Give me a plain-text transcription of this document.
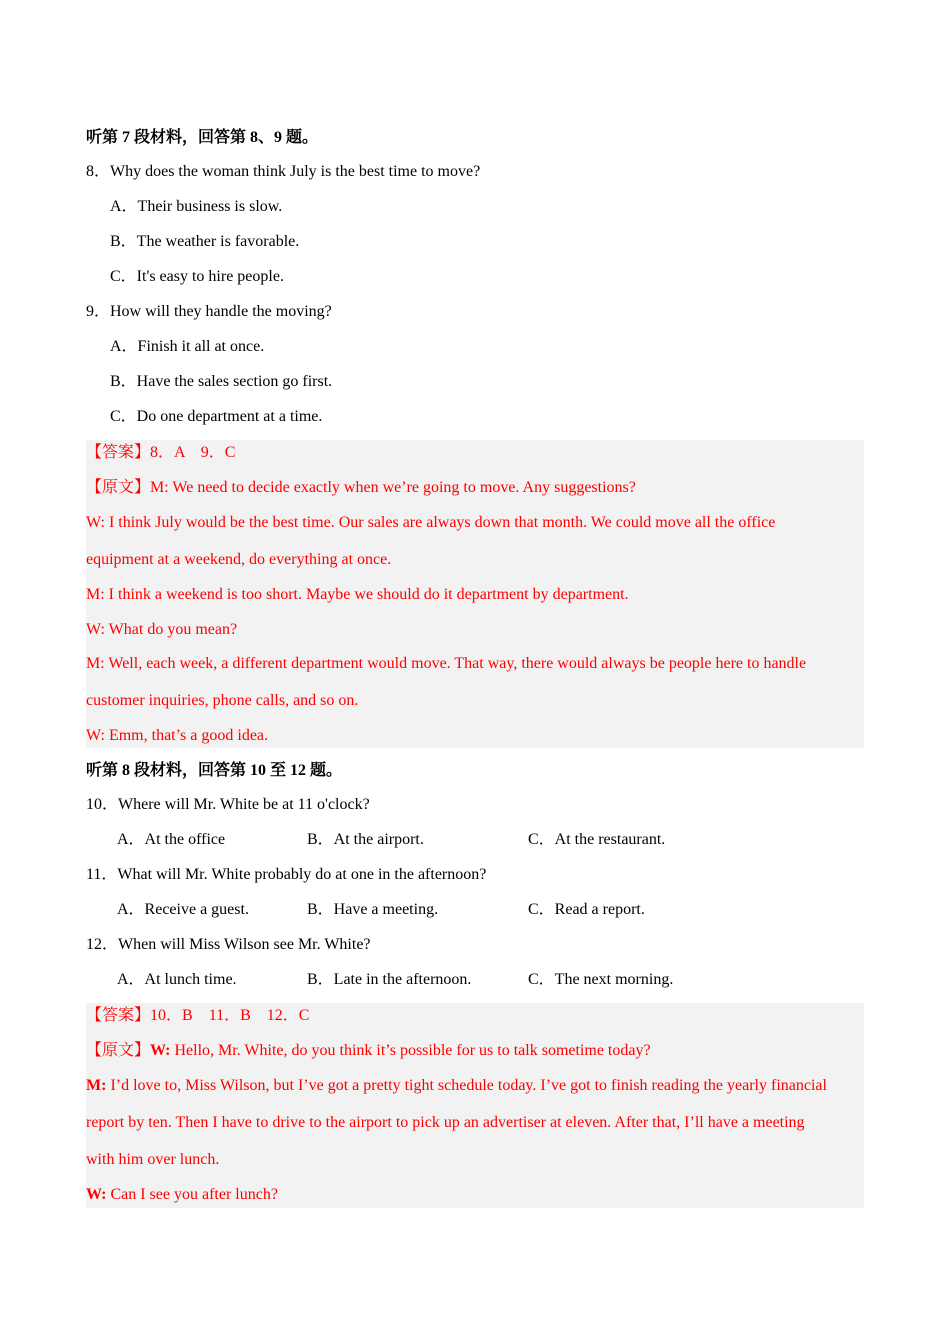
听第 7 段材料，回答第 8、9 题。
8．Why does the woman think July is the best time to move?
A．Their business is slow.
B．The weather is favorable.
C．It's easy to hire people.
9．How will they handle the moving?
A．Finish it all at once.
B．Have the sales section go first.
C．Do one department at a time.
【答案】8．A　9．C
【原文】M: We need to decide exactly when we’re going to move. Any suggestions?
W: I think July would be the best time. Our sales are always down that month. We could move all the office
equipment at a weekend, do everything at once.
M: I think a weekend is too short. Maybe we should do it department by department.
W: What do you mean?
M: Well, each week, a different department would move. That way, there would always be people here to handle
customer inquiries, phone calls, and so on.
W: Emm, that’s a good idea.
听第 8 段材料，回答第 10 至 12 题。
10．Where will Mr. White be at 11 o'clock?
A．At the office	B．At the airport.	C．At the restaurant.
11．What will Mr. White probably do at one in the afternoon?
A．Receive a guest.	B．Have a meeting.	C．Read a report.
12．When will Miss Wilson see Mr. White?
A．At lunch time.	B．Late in the afternoon.	C．The next morning.
【答案】10．B　11．B　12．C
【原文】W: Hello, Mr. White, do you think it’s possible for us to talk sometime today?
M: I’d love to, Miss Wilson, but I’ve got a pretty tight schedule today. I’ve got to finish reading the yearly financial
report by ten. Then I have to drive to the airport to pick up an advertiser at eleven. After that, I’ll have a meeting
with him over lunch.
W: Can I see you after lunch?
